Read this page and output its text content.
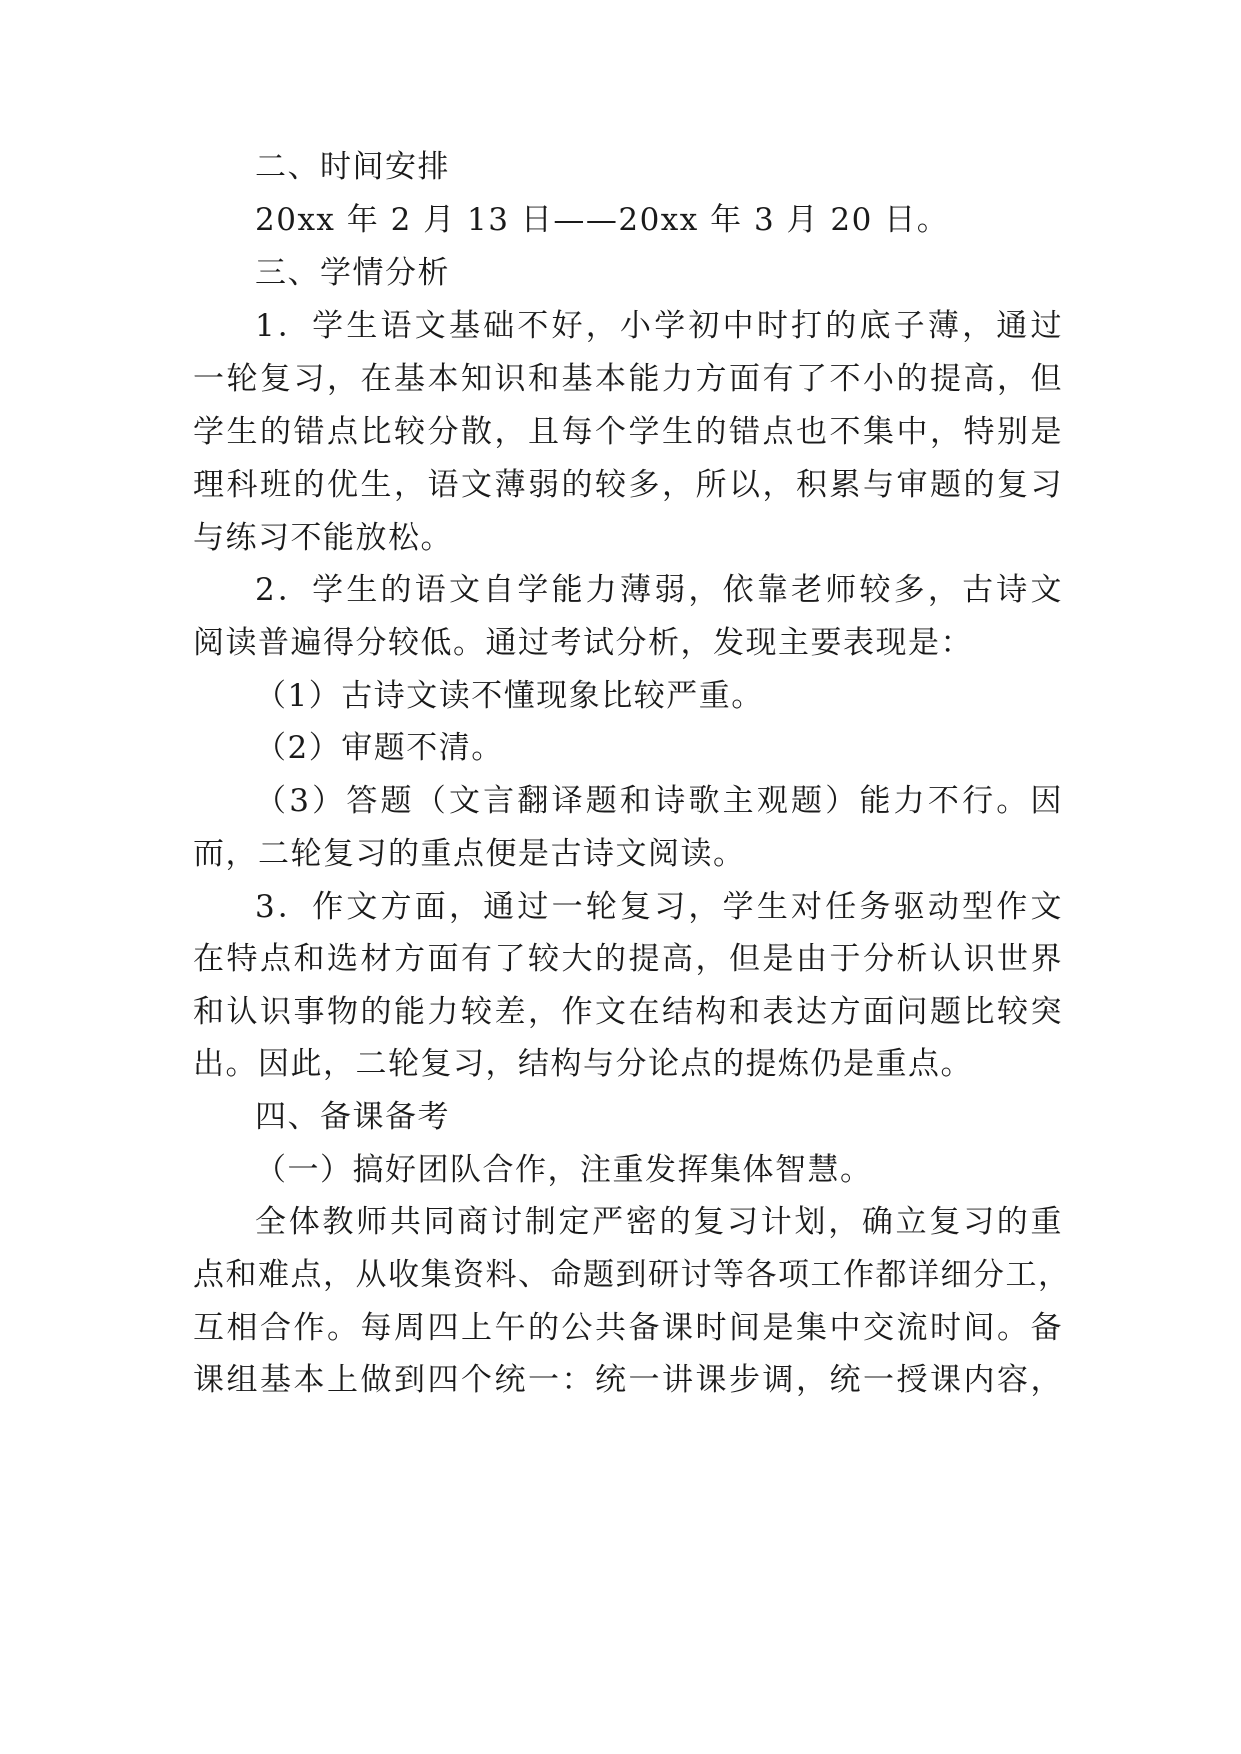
二、时间安排
20xx 年 2 月 13 日——20xx 年 3 月 20 日。
三、学情分析
1．学生语文基础不好，小学初中时打的底子薄，通过
一轮复习，在基本知识和基本能力方面有了不小的提高，但
学生的错点比较分散，且每个学生的错点也不集中，特别是
理科班的优生，语文薄弱的较多，所以，积累与审题的复习
与练习不能放松。
2．学生的语文自学能力薄弱，依靠老师较多，古诗文
阅读普遍得分较低。通过考试分析，发现主要表现是：
（1）古诗文读不懂现象比较严重。
（2）审题不清。
（3）答题（文言翻译题和诗歌主观题）能力不行。因
而，二轮复习的重点便是古诗文阅读。
3．作文方面，通过一轮复习，学生对任务驱动型作文
在特点和选材方面有了较大的提高，但是由于分析认识世界
和认识事物的能力较差，作文在结构和表达方面问题比较突
出。因此，二轮复习，结构与分论点的提炼仍是重点。
四、备课备考
（一）搞好团队合作，注重发挥集体智慧。
全体教师共同商讨制定严密的复习计划，确立复习的重
点和难点，从收集资料、命题到研讨等各项工作都详细分工，
互相合作。每周四上午的公共备课时间是集中交流时间。备
课组基本上做到四个统一：统一讲课步调，统一授课内容，
